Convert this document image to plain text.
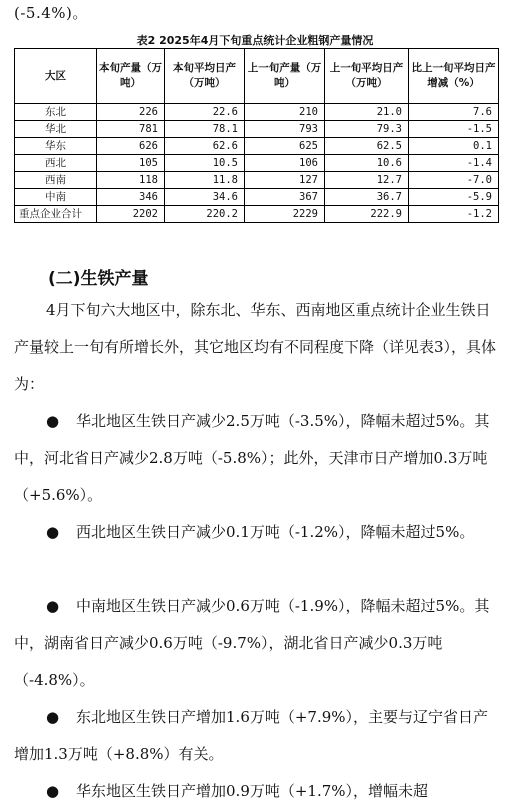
(-5.4%)。
表2 2025年4月下旬重点统计企业粗钢产量情况
大区	本旬产量（万吨）	本旬平均日产（万吨）	上一旬产量（万吨）	上一旬平均日产（万吨）	比上一旬平均日产增减（%）
东北	226	22.6	210	21.0	7.6
华北	781	78.1	793	79.3	-1.5
华东	626	62.6	625	62.5	0.1
西北	105	10.5	106	10.6	-1.4
西南	118	11.8	127	12.7	-7.0
中南	346	34.6	367	36.7	-5.9
重点企业合计	2202	220.2	2229	222.9	-1.2
(二)生铁产量
4月下旬六大地区中，除东北、华东、西南地区重点统计企业生铁日产量较上一旬有所增长外，其它地区均有不同程度下降（详见表3），具体为：
● 华北地区生铁日产减少2.5万吨（-3.5%），降幅未超过5%。其中，河北省日产减少2.8万吨（-5.8%）；此外，天津市日产增加0.3万吨（+5.6%）。
● 西北地区生铁日产减少0.1万吨（-1.2%），降幅未超过5%。
● 中南地区生铁日产减少0.6万吨（-1.9%），降幅未超过5%。其中，湖南省日产减少0.6万吨（-9.7%），湖北省日产减少0.3万吨（-4.8%）。
● 东北地区生铁日产增加1.6万吨（+7.9%），主要与辽宁省日产增加1.3万吨（+8.8%）有关。
● 华东地区生铁日产增加0.9万吨（+1.7%），增幅未超
